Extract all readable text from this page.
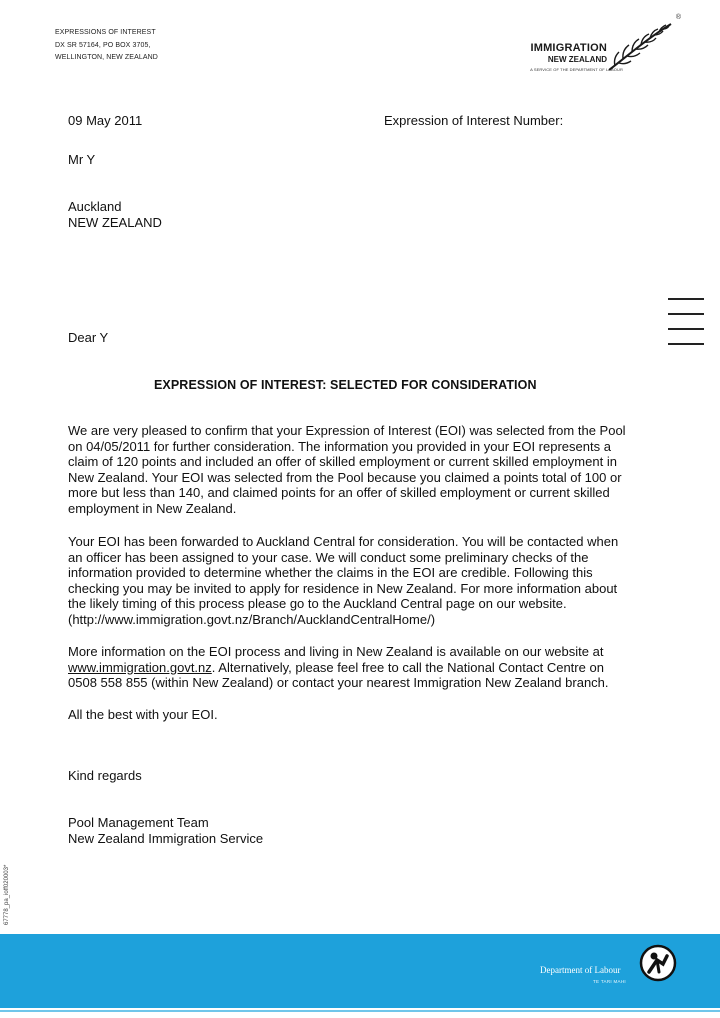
EXPRESSIONS OF INTEREST
DX SR 57164, PO BOX 3705,
WELLINGTON, NEW ZEALAND
IMMIGRATION
NEW ZEALAND
A SERVICE OF THE DEPARTMENT OF LABOUR
®
09 May 2011	Expression of Interest Number:
Mr Y
Auckland
NEW ZEALAND
Dear Y
EXPRESSION OF INTEREST: SELECTED FOR CONSIDERATION
We are very pleased to confirm that your Expression of Interest (EOI) was selected from the Pool
on 04/05/2011 for further consideration. The information you provided in your EOI represents a
claim of 120 points and included an offer of skilled employment or current skilled employment in
New Zealand. Your EOI was selected from the Pool because you claimed a points total of 100 or
more but less than 140, and claimed points for an offer of skilled employment or current skilled
employment in New Zealand.
Your EOI has been forwarded to Auckland Central for consideration. You will be contacted when
an officer has been assigned to your case. We will conduct some preliminary checks of the
information provided to determine whether the claims in the EOI are credible. Following this
checking you may be invited to apply for residence in New Zealand. For more information about
the likely timing of this process please go to the Auckland Central page on our website.
(http://www.immigration.govt.nz/Branch/AucklandCentralHome/)
More information on the EOI process and living in New Zealand is available on our website at
www.immigration.govt.nz. Alternatively, please feel free to call the National Contact Centre on
0508 558 855 (within New Zealand) or contact your nearest Immigration New Zealand branch.
All the best with your EOI.
Kind regards
Pool Management Team
New Zealand Immigration Service
67778_pa_ioff020003*
Department of Labour
TE TARI MAHI
